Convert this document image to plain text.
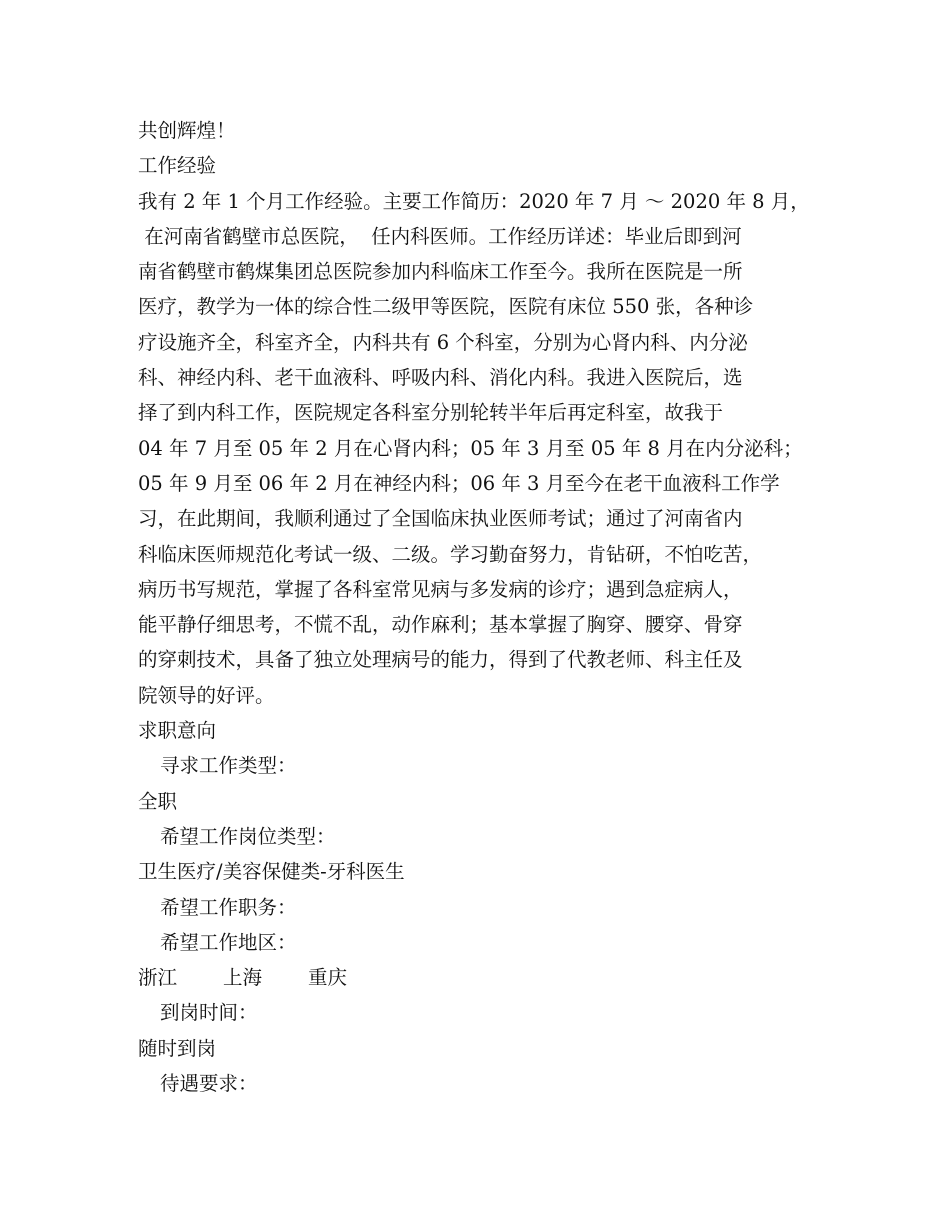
共创辉煌！
工作经验
我有 2 年 1 个月工作经验。主要工作简历：2020 年 7 月 ～ 2020 年 8 月，
在河南省鹤壁市总医院，  任内科医师。工作经历详述：毕业后即到河
南省鹤壁市鹤煤集团总医院参加内科临床工作至今。我所在医院是一所
医疗，教学为一体的综合性二级甲等医院，医院有床位 550 张，各种诊
疗设施齐全，科室齐全，内科共有 6 个科室，分别为心肾内科、内分泌
科、神经内科、老干血液科、呼吸内科、消化内科。我进入医院后，选
择了到内科工作，医院规定各科室分别轮转半年后再定科室，故我于
04 年 7 月至 05 年 2 月在心肾内科；05 年 3 月至 05 年 8 月在内分泌科；
05 年 9 月至 06 年 2 月在神经内科；06 年 3 月至今在老干血液科工作学
习，在此期间，我顺利通过了全国临床执业医师考试；通过了河南省内
科临床医师规范化考试一级、二级。学习勤奋努力，肯钻研，不怕吃苦，
病历书写规范，掌握了各科室常见病与多发病的诊疗；遇到急症病人，
能平静仔细思考，不慌不乱，动作麻利；基本掌握了胸穿、腰穿、骨穿
的穿刺技术，具备了独立处理病号的能力，得到了代教老师、科主任及
院领导的好评。
求职意向
寻求工作类型：
全职
希望工作岗位类型：
卫生医疗/美容保健类-牙科医生
希望工作职务：
希望工作地区：
浙江 上海 重庆
到岗时间：
随时到岗
待遇要求：
